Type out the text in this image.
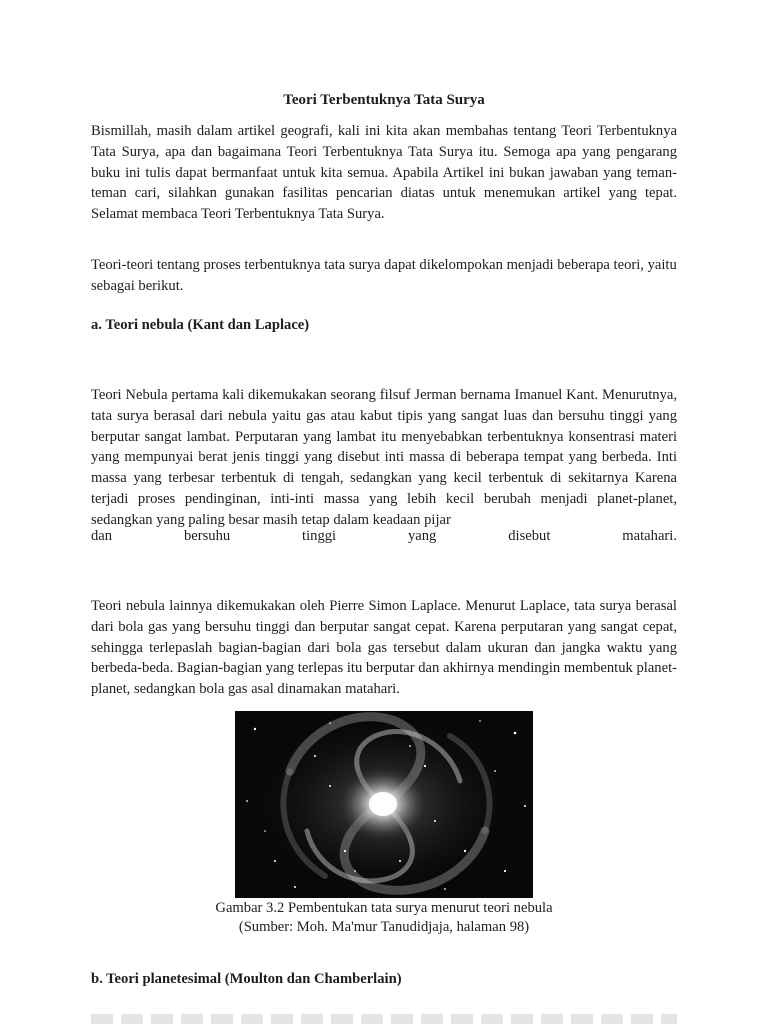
Teori Terbentuknya Tata Surya

Bismillah, masih dalam artikel geografi, kali ini kita akan membahas tentang Teori Terbentuknya Tata Surya, apa dan bagaimana Teori Terbentuknya Tata Surya itu. Semoga apa yang pengarang buku ini tulis dapat bermanfaat untuk kita semua. Apabila Artikel ini bukan jawaban yang teman-teman cari, silahkan gunakan fasilitas pencarian diatas untuk menemukan artikel yang tepat. Selamat membaca Teori Terbentuknya Tata Surya.

Teori-teori tentang proses terbentuknya tata surya dapat dikelompokan menjadi beberapa teori, yaitu sebagai berikut.

a. Teori nebula (Kant dan Laplace)

Teori Nebula pertama kali dikemukakan seorang filsuf Jerman bernama Imanuel Kant. Menurutnya, tata surya berasal dari nebula yaitu gas atau kabut tipis yang sangat luas dan bersuhu tinggi yang berputar sangat lambat. Perputaran yang lambat itu menyebabkan terbentuknya konsentrasi materi yang mempunyai berat jenis tinggi yang disebut inti massa di beberapa tempat yang berbeda. Inti massa yang terbesar terbentuk di tengah, sedangkan yang kecil terbentuk di sekitarnya Karena terjadi proses pendinginan, inti-inti massa yang lebih kecil berubah menjadi planet-planet, sedangkan yang paling besar masih tetap dalam keadaan pijar

dan	bersuhu	tinggi	yang	disebut	matahari.

Teori nebula lainnya dikemukakan oleh Pierre Simon Laplace. Menurut Laplace, tata surya berasal dari bola gas yang bersuhu tinggi dan berputar sangat cepat. Karena perputaran yang sangat cepat, sehingga terlepaslah bagian-bagian dari bola gas tersebut dalam ukuran dan jangka waktu yang berbeda-beda. Bagian-bagian yang terlepas itu berputar dan akhirnya mendingin membentuk planet-planet, sedangkan bola gas asal dinamakan matahari.

Gambar 3.2 Pembentukan tata surya menurut teori nebula
(Sumber: Moh. Ma'mur Tanudidjaja, halaman 98)
b. Teori planetesimal (Moulton dan Chamberlain)
